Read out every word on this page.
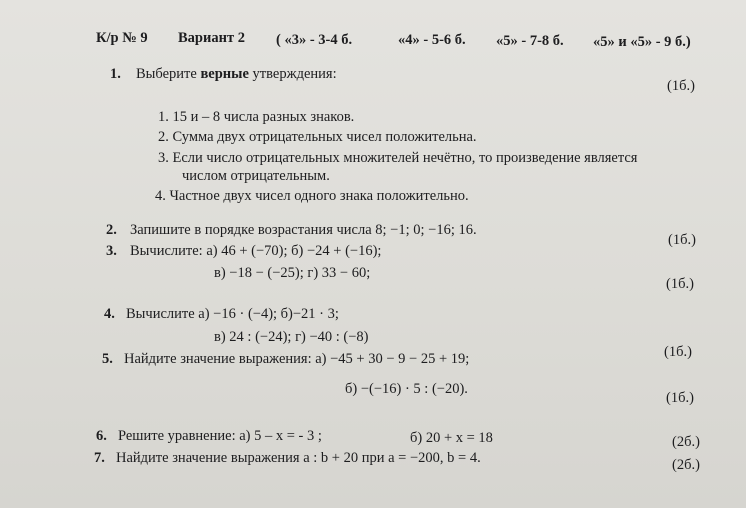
К/р № 9 Вариант 2 ( «3» - 3-4 б.	«4» - 5-6 б. «5» - 7-8 б. «5» и «5» - 9 б.)
1. Выберите верные утверждения:
(1б.)
1. 15 и – 8 числа разных знаков.
2. Сумма двух отрицательных чисел положительна.
3. Если число отрицательных множителей нечётно, то произведение является
числом отрицательным.
4. Частное двух чисел одного знака положительно.
2. Запишите в порядке возрастания числа 8; −1; 0; −16; 16.
(1б.)
3. Вычислите: а) 46 + (−70); б) −24 + (−16);
в) −18 − (−25); г) 33 − 60;
(1б.)
4. Вычислите а) −16 · (−4); б)−21 · 3;
в) 24 : (−24); г) −40 : (−8)
(1б.)
5. Найдите значение выражения: а) −45 + 30 − 9 − 25 + 19;
б) −(−16) · 5 : (−20).
(1б.)
6. Решите уравнение: а) 5 – х = - 3 ;	б) 20 + х = 18	(2б.)
7. Найдите значение выражения a : b + 20 при a = −200, b = 4.	(2б.)
